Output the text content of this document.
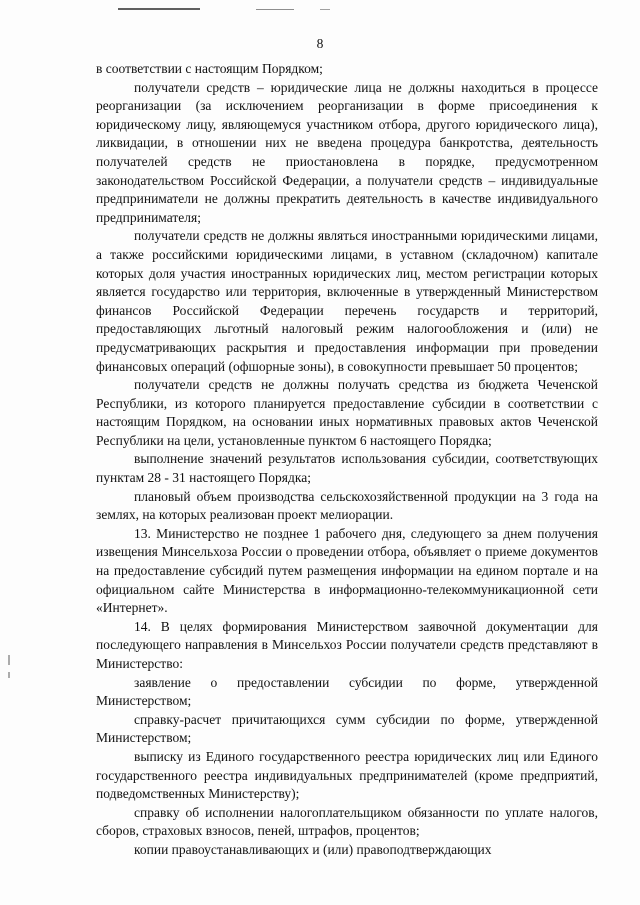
8

в соответствии с настоящим Порядком;

получатели средств – юридические лица не должны находиться в процессе реорганизации (за исключением реорганизации в форме присоединения к юридическому лицу, являющемуся участником отбора, другого юридического лица), ликвидации, в отношении них не введена процедура банкротства, деятельность получателей средств не приостановлена в порядке, предусмотренном законодательством Российской Федерации, а получатели средств – индивидуальные предприниматели не должны прекратить деятельность в качестве индивидуального предпринимателя;

получатели средств не должны являться иностранными юридическими лицами, а также российскими юридическими лицами, в уставном (складочном) капитале которых доля участия иностранных юридических лиц, местом регистрации которых является государство или территория, включенные в утвержденный Министерством финансов Российской Федерации перечень государств и территорий, предоставляющих льготный налоговый режим налогообложения и (или) не предусматривающих раскрытия и предоставления информации при проведении финансовых операций (офшорные зоны), в совокупности превышает 50 процентов;

получатели средств не должны получать средства из бюджета Чеченской Республики, из которого планируется предоставление субсидии в соответствии с настоящим Порядком, на основании иных нормативных правовых актов Чеченской Республики на цели, установленные пунктом 6 настоящего Порядка;

выполнение значений результатов использования субсидии, соответствующих пунктам 28 - 31 настоящего Порядка;

плановый объем производства сельскохозяйственной продукции на 3 года на землях, на которых реализован проект мелиорации.

13. Министерство не позднее 1 рабочего дня, следующего за днем получения извещения Минсельхоза России о проведении отбора, объявляет о приеме документов на предоставление субсидий путем размещения информации на едином портале и на официальном сайте Министерства в информационно-телекоммуникационной сети «Интернет».

14. В целях формирования Министерством заявочной документации для последующего направления в Минсельхоз России получатели средств представляют в Министерство:

заявление о предоставлении субсидии по форме, утвержденной Министерством;

справку-расчет причитающихся сумм субсидии по форме, утвержденной Министерством;

выписку из Единого государственного реестра юридических лиц или Единого государственного реестра индивидуальных предпринимателей (кроме предприятий, подведомственных Министерству);

справку об исполнении налогоплательщиком обязанности по уплате налогов, сборов, страховых взносов, пеней, штрафов, процентов;

копии правоустанавливающих и (или) правоподтверждающих
